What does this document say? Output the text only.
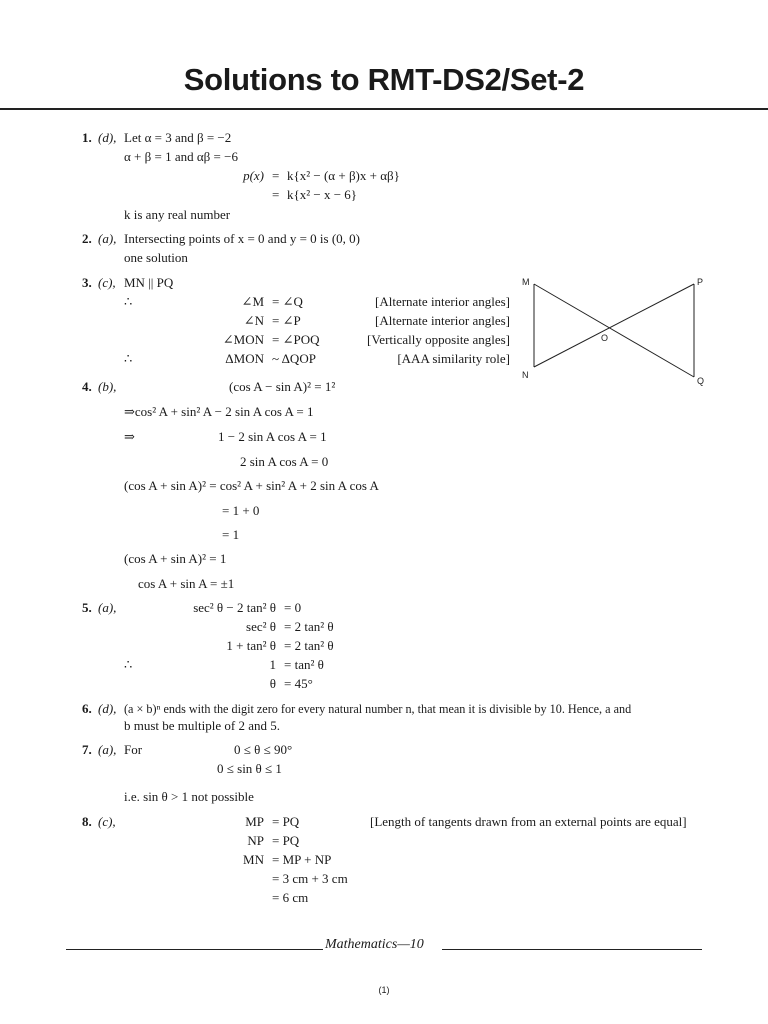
Solutions to RMT-DS2/Set-2
1. (d), Let α = 3 and β = −2
α + β = 1 and αβ = −6
p(x) = k{x² − (α + β)x + αβ}
= k{x² − x − 6}
k is any real number
2. (a), Intersecting points of x = 0 and y = 0 is (0, 0)
one solution
3. (c), MN || PQ
∴	∠M = ∠Q	[Alternate interior angles]
∠N = ∠P	[Alternate interior angles]
∠MON = ∠POQ	[Vertically opposite angles]
∴	ΔMON ~ ΔQOP	[AAA similarity role]
M
N
O
P
Q
4. (b),	(cos A − sin A)² = 1²
⇒cos² A + sin² A − 2 sin A cos A = 1
⇒	1 − 2 sin A cos A = 1
2 sin A cos A = 0
(cos A + sin A)² = cos² A + sin² A + 2 sin A cos A
= 1 + 0
= 1
(cos A + sin A)² = 1
cos A + sin A = ±1
5. (a),	sec² θ − 2 tan² θ = 0
sec² θ = 2 tan² θ
1 + tan² θ = 2 tan² θ
∴	1 = tan² θ
θ = 45°
6. (d), (a × b)ⁿ ends with the digit zero for every natural number n, that mean it is divisible by 10. Hence, a and
b must be multiple of 2 and 5.
7. (a), For	0 ≤ θ ≤ 90°
0 ≤ sin θ ≤ 1
i.e. sin θ > 1 not possible
8. (c),	MP = PQ	[Length of tangents drawn from an external points are equal]
NP = PQ
MN = MP + NP
= 3 cm + 3 cm
= 6 cm
Mathematics—10
(1)
